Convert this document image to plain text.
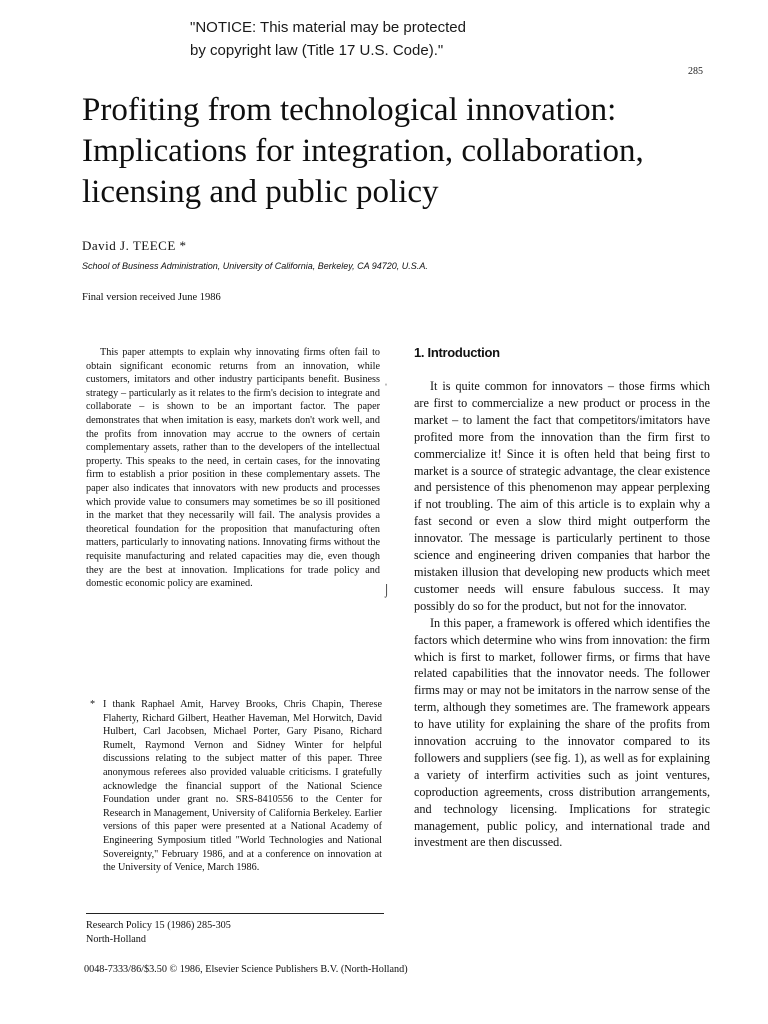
"NOTICE: This material may be protected
by copyright law (Title 17 U.S. Code)."
285
Profiting from technological innovation: Implications for integration, collaboration, licensing and public policy
David J. TEECE *
School of Business Administration, University of California, Berkeley, CA 94720, U.S.A.
Final version received June 1986
This paper attempts to explain why innovating firms often fail to obtain significant economic returns from an innovation, while customers, imitators and other industry participants benefit. Business strategy – particularly as it relates to the firm's decision to integrate and collaborate – is shown to be an important factor. The paper demonstrates that when imitation is easy, markets don't work well, and the profits from innovation may accrue to the owners of certain complementary assets, rather than to the developers of the intellectual property. This speaks to the need, in certain cases, for the innovating firm to establish a prior position in these complementary assets. The paper also indicates that innovators with new products and processes which provide value to consumers may sometimes be so ill positioned in the market that they necessarily will fail. The analysis provides a theoretical foundation for the proposition that manufacturing often matters, particularly to innovating nations. Innovating firms without the requisite manufacturing and related capacities may die, even though they are the best at innovation. Implications for trade policy and domestic economic policy are examined.
* I thank Raphael Amit, Harvey Brooks, Chris Chapin, Therese Flaherty, Richard Gilbert, Heather Haveman, Mel Horwitch, David Hulbert, Carl Jacobsen, Michael Porter, Gary Pisano, Richard Rumelt, Raymond Vernon and Sidney Winter for helpful discussions relating to the subject matter of this paper. Three anonymous referees also provided valuable criticisms. I gratefully acknowledge the financial support of the National Science Foundation under grant no. SRS-8410556 to the Center for Research in Management, University of California Berkeley. Earlier versions of this paper were presented at a National Academy of Engineering Symposium titled "World Technologies and National Sovereignty," February 1986, and at a conference on innovation at the University of Venice, March 1986.
Research Policy 15 (1986) 285-305
North-Holland
0048-7333/86/$3.50 © 1986, Elsevier Science Publishers B.V. (North-Holland)
1. Introduction

It is quite common for innovators – those firms which are first to commercialize a new product or process in the market – to lament the fact that competitors/imitators have profited more from the innovation than the firm first to commercialize it! Since it is often held that being first to market is a source of strategic advantage, the clear existence and persistence of this phenomenon may appear perplexing if not troubling. The aim of this article is to explain why a fast second or even a slow third might outperform the innovator. The message is particularly pertinent to those science and engineering driven companies that harbor the mistaken illusion that developing new products which meet customer needs will ensure fabulous success. It may possibly do so for the product, but not for the innovator.

In this paper, a framework is offered which identifies the factors which determine who wins from innovation: the firm which is first to market, follower firms, or firms that have related capabilities that the innovator needs. The follower firms may or may not be imitators in the narrow sense of the term, although they sometimes are. The framework appears to have utility for explaining the share of the profits from innovation accruing to the innovator compared to its followers and suppliers (see fig. 1), as well as for explaining a variety of interfirm activities such as joint ventures, coproduction agreements, cross distribution arrangements, and technology licensing. Implications for strategic management, public policy, and international trade and investment are then discussed.

ˌ
⌡
